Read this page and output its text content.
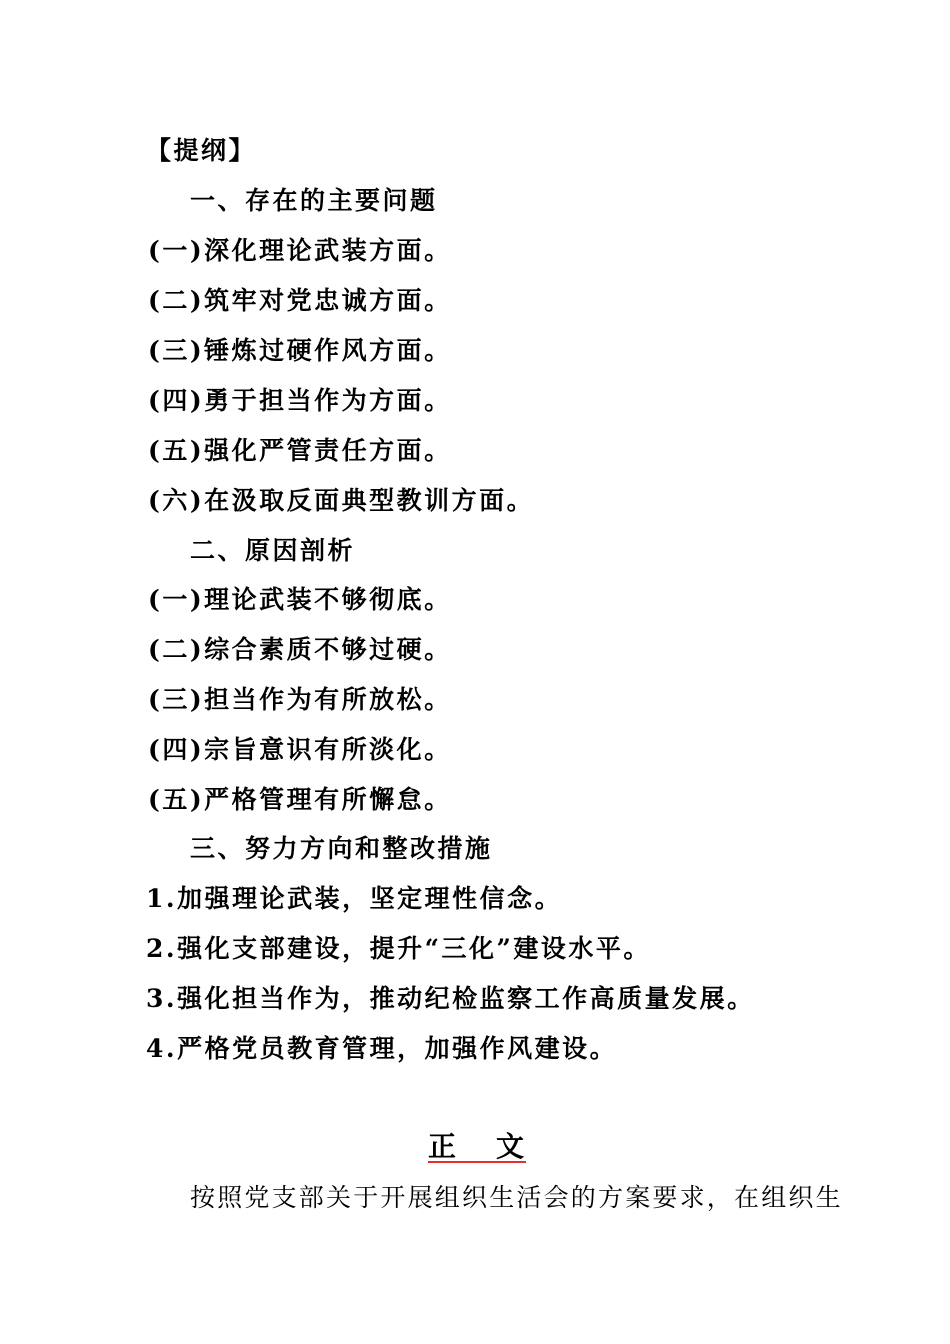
【提纲】
一、存在的主要问题
(一)深化理论武装方面。
(二)筑牢对党忠诚方面。
(三)锤炼过硬作风方面。
(四)勇于担当作为方面。
(五)强化严管责任方面。
(六)在汲取反面典型教训方面。
二、原因剖析
(一)理论武装不够彻底。
(二)综合素质不够过硬。
(三)担当作为有所放松。
(四)宗旨意识有所淡化。
(五)严格管理有所懈怠。
三、努力方向和整改措施
1.加强理论武装，坚定理性信念。
2.强化支部建设，提升“三化”建设水平。
3.强化担当作为，推动纪检监察工作高质量发展。
4.严格党员教育管理，加强作风建设。
正文
按照党支部关于开展组织生活会的方案要求，在组织生
